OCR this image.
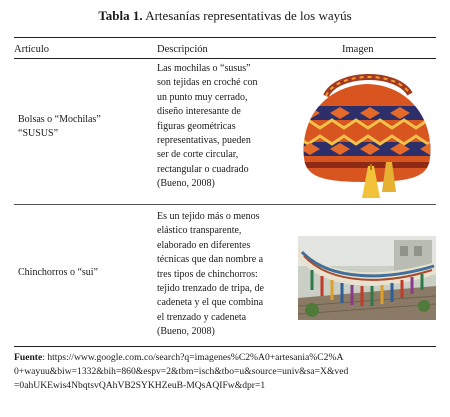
Tabla 1. Artesanías representativas de los wayús
Artículo	Descripción	Imagen
Bolsas o “Mochilas”
“SUSUS”
Las mochilas o “susus”
son tejidas en croché con
un punto muy cerrado,
diseño interesante de
figuras geométricas
representativas, pueden
ser de corte circular,
rectangular o cuadrado
(Bueno, 2008)
Chinchorros o “sui”
Es un tejido más o menos
elástico transparente,
elaborado en diferentes
técnicas que dan nombre a
tres tipos de chinchorros:
tejido trenzado de tripa, de
cadeneta y el que combina
el trenzado y cadeneta
(Bueno, 2008)
Fuente: https://www.google.com.co/search?q=imagenes%C2%A0+artesania%C2%A
0+wayuu&biw=1332&bih=860&espv=2&tbm=isch&tbo=u&source=univ&sa=X&ved
=0ahUKEwis4NbqtsvQAhVB2SYKHZeuB-MQsAQIFw&dpr=1
